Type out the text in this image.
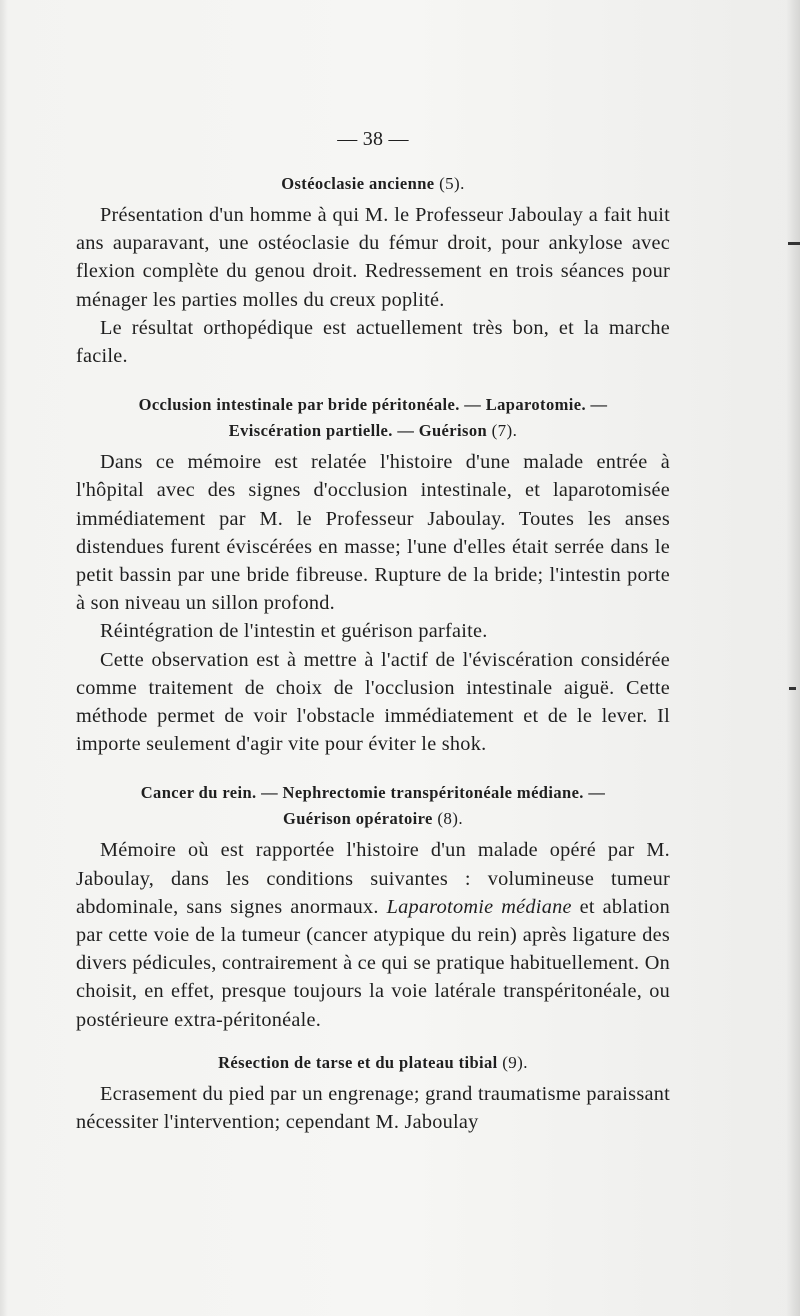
— 38 —
Ostéoclasie ancienne (5).

Présentation d'un homme à qui M. le Professeur Jaboulay a fait huit ans auparavant, une ostéoclasie du fémur droit, pour ankylose avec flexion complète du genou droit. Redressement en trois séances pour ménager les parties molles du creux poplité.

Le résultat orthopédique est actuellement très bon, et la marche facile.

Occlusion intestinale par bride péritonéale. — Laparotomie. —
Eviscération partielle. — Guérison (7).

Dans ce mémoire est relatée l'histoire d'une malade entrée à l'hôpital avec des signes d'occlusion intestinale, et laparotomisée immédiatement par M. le Professeur Jaboulay. Toutes les anses distendues furent éviscérées en masse; l'une d'elles était serrée dans le petit bassin par une bride fibreuse. Rupture de la bride; l'intestin porte à son niveau un sillon profond.

Réintégration de l'intestin et guérison parfaite.

Cette observation est à mettre à l'actif de l'éviscération considérée comme traitement de choix de l'occlusion intestinale aiguë. Cette méthode permet de voir l'obstacle immédiatement et de le lever. Il importe seulement d'agir vite pour éviter le shok.

Cancer du rein. — Nephrectomie transpéritonéale médiane. —
Guérison opératoire (8).

Mémoire où est rapportée l'histoire d'un malade opéré par M. Jaboulay, dans les conditions suivantes : volumineuse tumeur abdominale, sans signes anormaux. Laparotomie médiane et ablation par cette voie de la tumeur (cancer atypique du rein) après ligature des divers pédicules, contrairement à ce qui se pratique habituellement. On choisit, en effet, presque toujours la voie latérale transpéritonéale, ou postérieure extra-péritonéale.

Résection de tarse et du plateau tibial (9).

Ecrasement du pied par un engrenage; grand traumatisme paraissant nécessiter l'intervention; cependant M. Jaboulay
